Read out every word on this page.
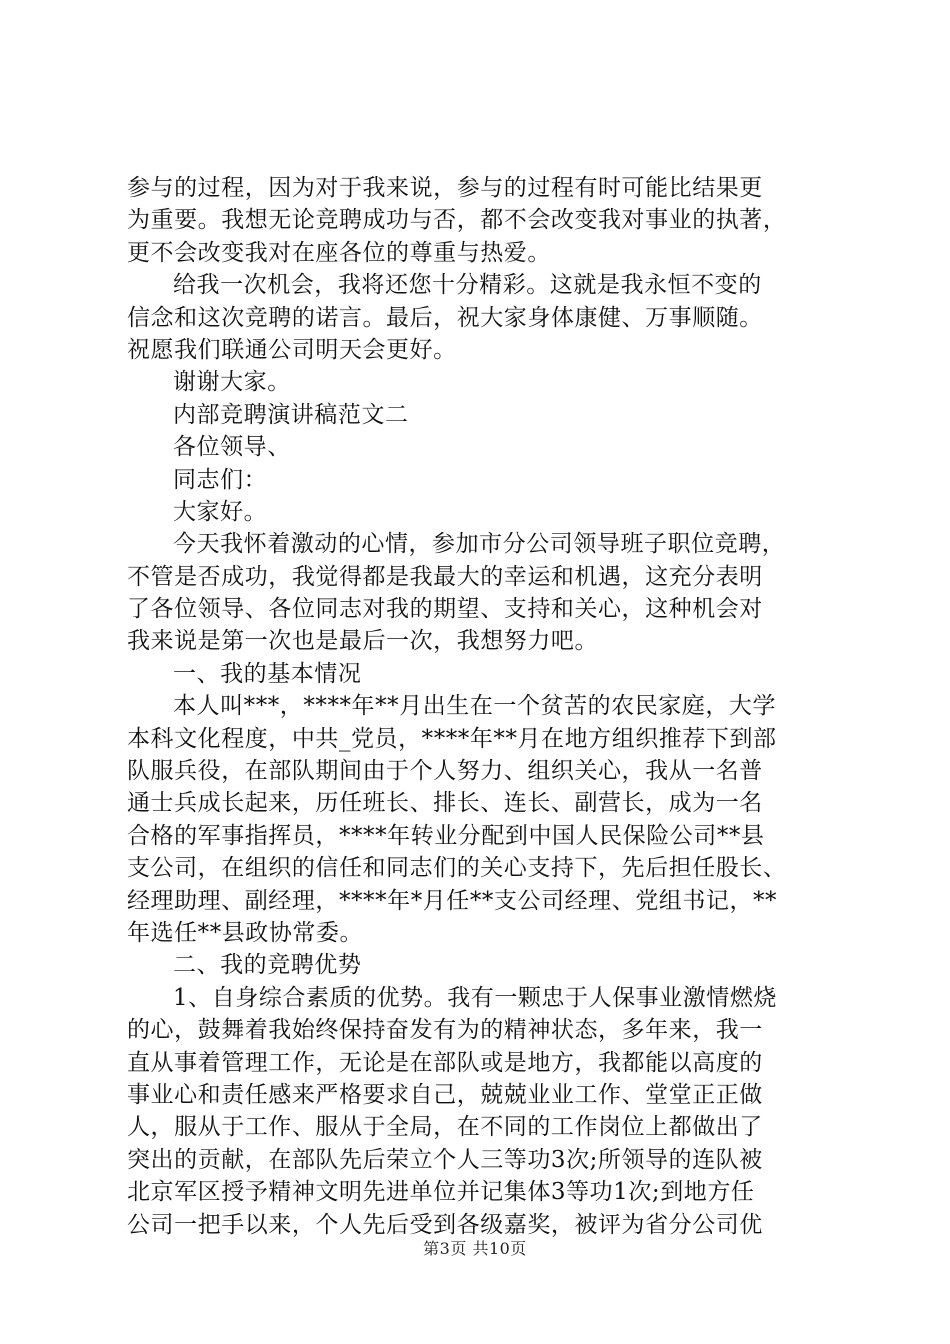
参与的过程，因为对于我来说，参与的过程有时可能比结果更
为重要。我想无论竞聘成功与否，都不会改变我对事业的执著，
更不会改变我对在座各位的尊重与热爱。
给我一次机会，我将还您十分精彩。这就是我永恒不变的
信念和这次竞聘的诺言。最后，祝大家身体康健、万事顺随。
祝愿我们联通公司明天会更好。
谢谢大家。
内部竞聘演讲稿范文二
各位领导、
同志们：
大家好。
今天我怀着激动的心情，参加市分公司领导班子职位竞聘，
不管是否成功，我觉得都是我最大的幸运和机遇，这充分表明
了各位领导、各位同志对我的期望、支持和关心，这种机会对
我来说是第一次也是最后一次，我想努力吧。
一、我的基本情况
本人叫***，****年**月出生在一个贫苦的农民家庭，大学
本科文化程度，中共_党员，****年**月在地方组织推荐下到部
队服兵役，在部队期间由于个人努力、组织关心，我从一名普
通士兵成长起来，历任班长、排长、连长、副营长，成为一名
合格的军事指挥员，****年转业分配到中国人民保险公司**县
支公司，在组织的信任和同志们的关心支持下，先后担任股长、
经理助理、副经理，****年*月任**支公司经理、党组书记，**
年选任**县政协常委。
二、我的竞聘优势
1、自身综合素质的优势。我有一颗忠于人保事业激情燃烧
的心，鼓舞着我始终保持奋发有为的精神状态，多年来，我一
直从事着管理工作，无论是在部队或是地方，我都能以高度的
事业心和责任感来严格要求自己，兢兢业业工作、堂堂正正做
人，服从于工作、服从于全局，在不同的工作岗位上都做出了
突出的贡献，在部队先后荣立个人三等功3次;所领导的连队被
北京军区授予精神文明先进单位并记集体3等功1次;到地方任
公司一把手以来，个人先后受到各级嘉奖，被评为省分公司优
第3页 共10页
